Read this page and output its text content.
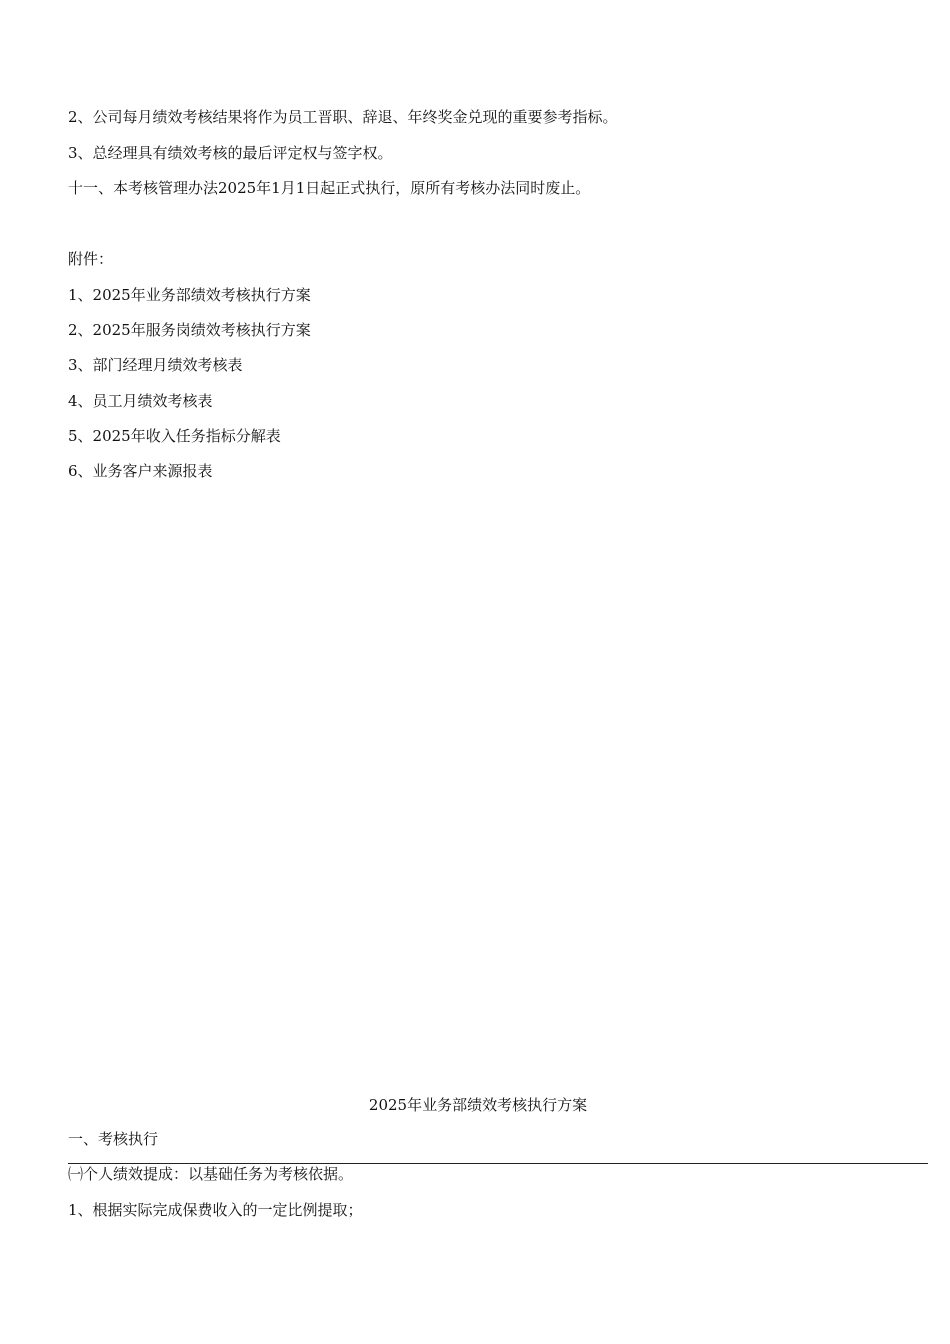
2、公司每月绩效考核结果将作为员工晋职、辞退、年终奖金兑现的重要参考指标。
3、总经理具有绩效考核的最后评定权与签字权。
十一、本考核管理办法2025年1月1日起正式执行，原所有考核办法同时废止。
附件：
1、2025年业务部绩效考核执行方案
2、2025年服务岗绩效考核执行方案
3、部门经理月绩效考核表
4、员工月绩效考核表
5、2025年收入任务指标分解表
6、业务客户来源报表
2025年业务部绩效考核执行方案
一、考核执行
㈠个人绩效提成：以基础任务为考核依据。
1、根据实际完成保费收入的一定比例提取；
